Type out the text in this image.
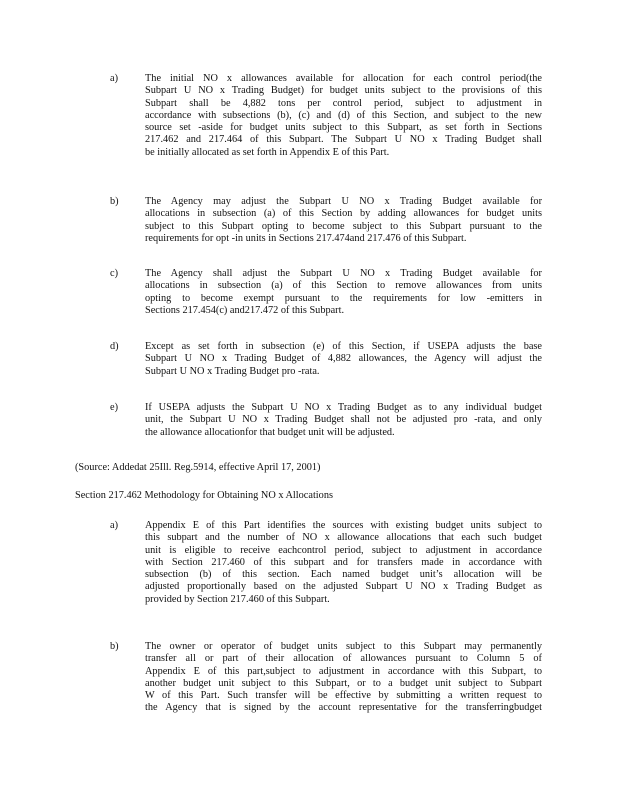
a)	The initial NO x allowances available for allocation for each control period(the
Subpart U NO x Trading Budget) for budget units subject to the provisions of this
Subpart shall be 4,882 tons per control period, subject to adjustment in
accordance with subsections (b), (c) and (d) of this Section, and subject to the new
source set -aside for budget units subject to this Subpart, as set forth in Sections
217.462 and 217.464 of this Subpart. The Subpart U NO x Trading Budget shall
be initially allocated as set forth in Appendix E of this Part.
b)	The Agency may adjust the Subpart U NO x Trading Budget available for
allocations in subsection (a) of this Section by adding allowances for budget units
subject to this Subpart opting to become subject to this Subpart pursuant to the
requirements for opt -in units in Sections 217.474and 217.476 of this Subpart.
c)	The Agency shall adjust the Subpart U NO x Trading Budget available for
allocations in subsection (a) of this Section to remove allowances from units
opting to become exempt pursuant to the requirements for low -emitters in
Sections 217.454(c) and217.472 of this Subpart.
d)	Except as set forth in subsection (e) of this Section, if USEPA adjusts the base
Subpart U NO x Trading Budget of 4,882 allowances, the Agency will adjust the
Subpart U NO x Trading Budget pro -rata.
e)	If USEPA adjusts the Subpart U NO x Trading Budget as to any individual budget
unit, the Subpart U NO x Trading Budget shall not be adjusted pro -rata, and only
the allowance allocationfor that budget unit will be adjusted.
(Source: Addedat 25Ill. Reg.5914, effective April 17, 2001)
Section 217.462 Methodology for Obtaining NO x Allocations
a)	Appendix E of this Part identifies the sources with existing budget units subject to
this subpart and the number of NO x allowance allocations that each such budget
unit is eligible to receive eachcontrol period, subject to adjustment in accordance
with Section 217.460 of this subpart and for transfers made in accordance with
subsection (b) of this section. Each named budget unit’s allocation will be
adjusted proportionally based on the adjusted Subpart U NO x Trading Budget as
provided by Section 217.460 of this Subpart.
b)	The owner or operator of budget units subject to this Subpart may permanently
transfer all or part of their allocation of allowances pursuant to Column 5 of
Appendix E of this part,subject to adjustment in accordance with this Subpart, to
another budget unit subject to this Subpart, or to a budget unit subject to Subpart
W of this Part. Such transfer will be effective by submitting a written request to
the Agency that is signed by the account representative for the transferringbudget
